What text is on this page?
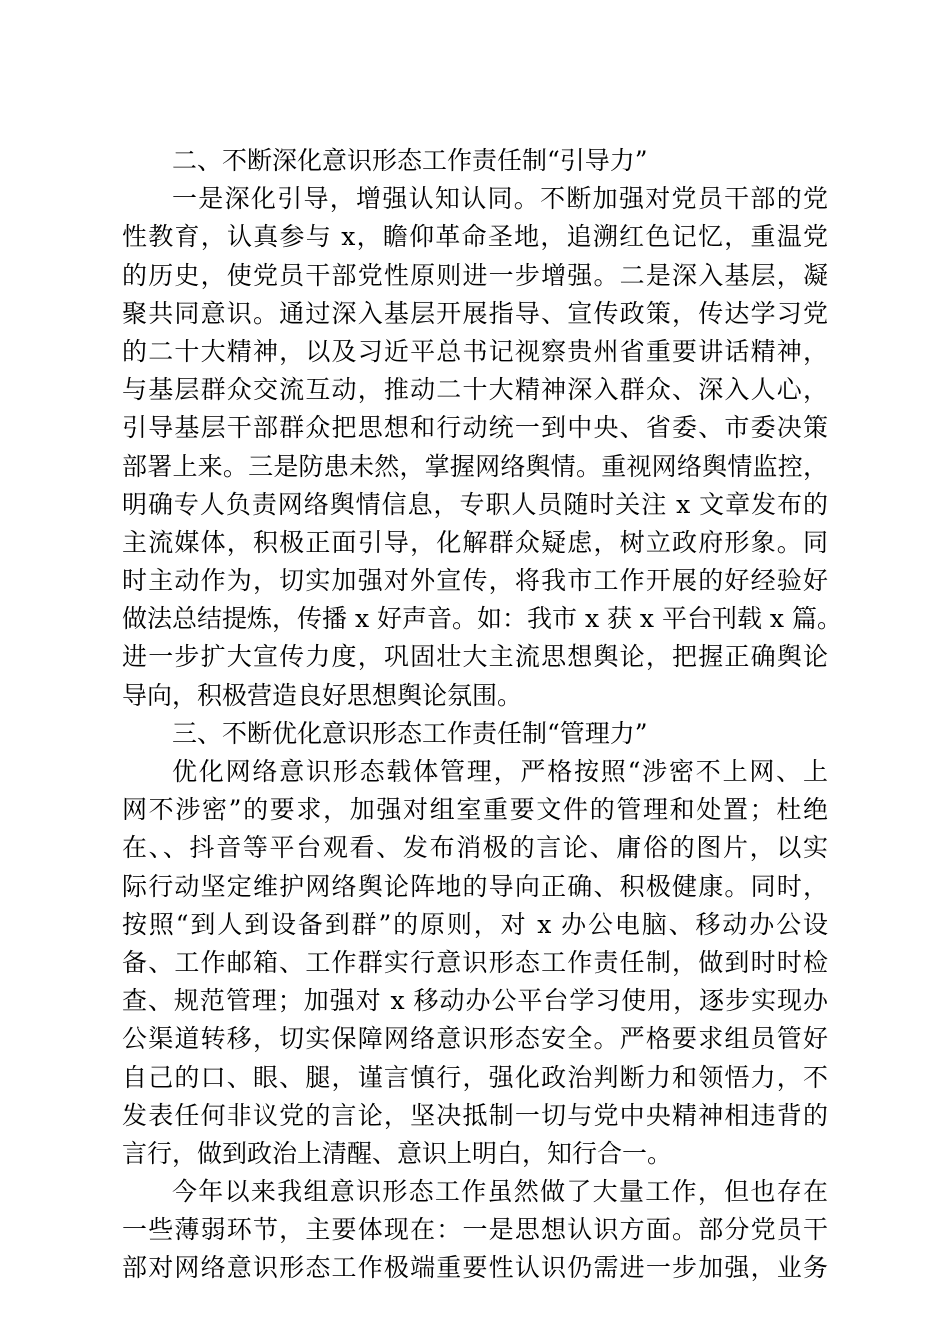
二、不断深化意识形态工作责任制“引导力”
一是深化引导，增强认知认同。不断加强对党员干部的党
性教育，认真参与 x，瞻仰革命圣地，追溯红色记忆，重温党
的历史，使党员干部党性原则进一步增强。二是深入基层，凝
聚共同意识。通过深入基层开展指导、宣传政策，传达学习党
的二十大精神，以及习近平总书记视察贵州省重要讲话精神，
与基层群众交流互动，推动二十大精神深入群众、深入人心，
引导基层干部群众把思想和行动统一到中央、省委、市委决策
部署上来。三是防患未然，掌握网络舆情。重视网络舆情监控，
明确专人负责网络舆情信息，专职人员随时关注 x 文章发布的
主流媒体，积极正面引导，化解群众疑虑，树立政府形象。同
时主动作为，切实加强对外宣传，将我市工作开展的好经验好
做法总结提炼，传播 x 好声音。如：我市 x 获 x 平台刊载 x 篇。
进一步扩大宣传力度，巩固壮大主流思想舆论，把握正确舆论
导向，积极营造良好思想舆论氛围。
三、不断优化意识形态工作责任制“管理力”
优化网络意识形态载体管理，严格按照“涉密不上网、上
网不涉密”的要求，加强对组室重要文件的管理和处置；杜绝
在、、抖音等平台观看、发布消极的言论、庸俗的图片，以实
际行动坚定维护网络舆论阵地的导向正确、积极健康。同时，
按照“到人到设备到群”的原则，对 x 办公电脑、移动办公设
备、工作邮箱、工作群实行意识形态工作责任制，做到时时检
查、规范管理；加强对 x 移动办公平台学习使用，逐步实现办
公渠道转移，切实保障网络意识形态安全。严格要求组员管好
自己的口、眼、腿，谨言慎行，强化政治判断力和领悟力，不
发表任何非议党的言论，坚决抵制一切与党中央精神相违背的
言行，做到政治上清醒、意识上明白，知行合一。
今年以来我组意识形态工作虽然做了大量工作，但也存在
一些薄弱环节，主要体现在：一是思想认识方面。部分党员干
部对网络意识形态工作极端重要性认识仍需进一步加强，业务
